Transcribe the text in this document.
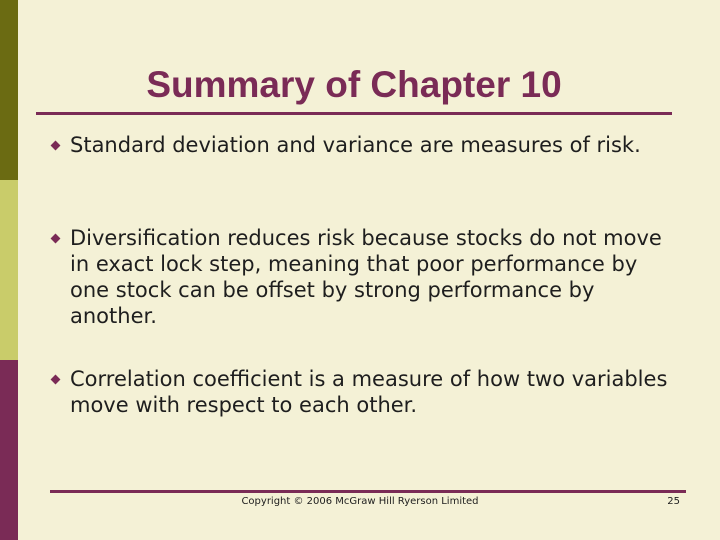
Summary of Chapter 10
Standard deviation and variance are measures of risk.
Diversification reduces risk because stocks do not move in exact lock step, meaning that poor performance by one stock can be offset by strong performance by another.
Correlation coefficient is a measure of how two variables move with respect to each other.
Copyright © 2006 McGraw Hill Ryerson Limited	25
